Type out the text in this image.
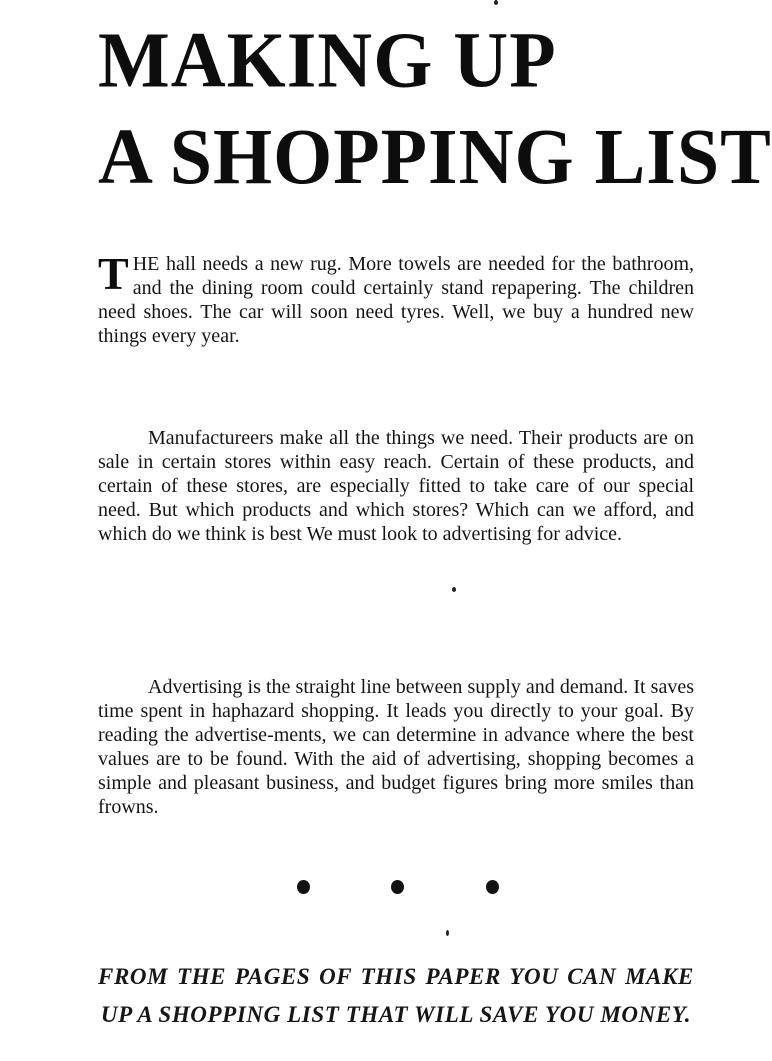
MAKING UP
A SHOPPING LIST

THE hall needs a new rug. More towels are needed for the bathroom, and the dining room could certainly stand repapering. The children need shoes. The car will soon need tyres. Well, we buy a hundred new things every year.

Manufactureers make all the things we need. Their products are on sale in certain stores within easy reach. Certain of these products, and certain of these stores, are especially fitted to take care of our special need. But which products and which stores? Which can we afford, and which do we think is best We must look to advertising for advice.

Advertising is the straight line between supply and demand. It saves time spent in haphazard shopping. It leads you directly to your goal. By reading the advertise-ments, we can determine in advance where the best values are to be found. With the aid of advertising, shopping becomes a simple and pleasant business, and budget figures bring more smiles than frowns.

FROM THE PAGES OF THIS PAPER YOU CAN MAKE UP A SHOPPING LIST THAT WILL SAVE YOU MONEY.
